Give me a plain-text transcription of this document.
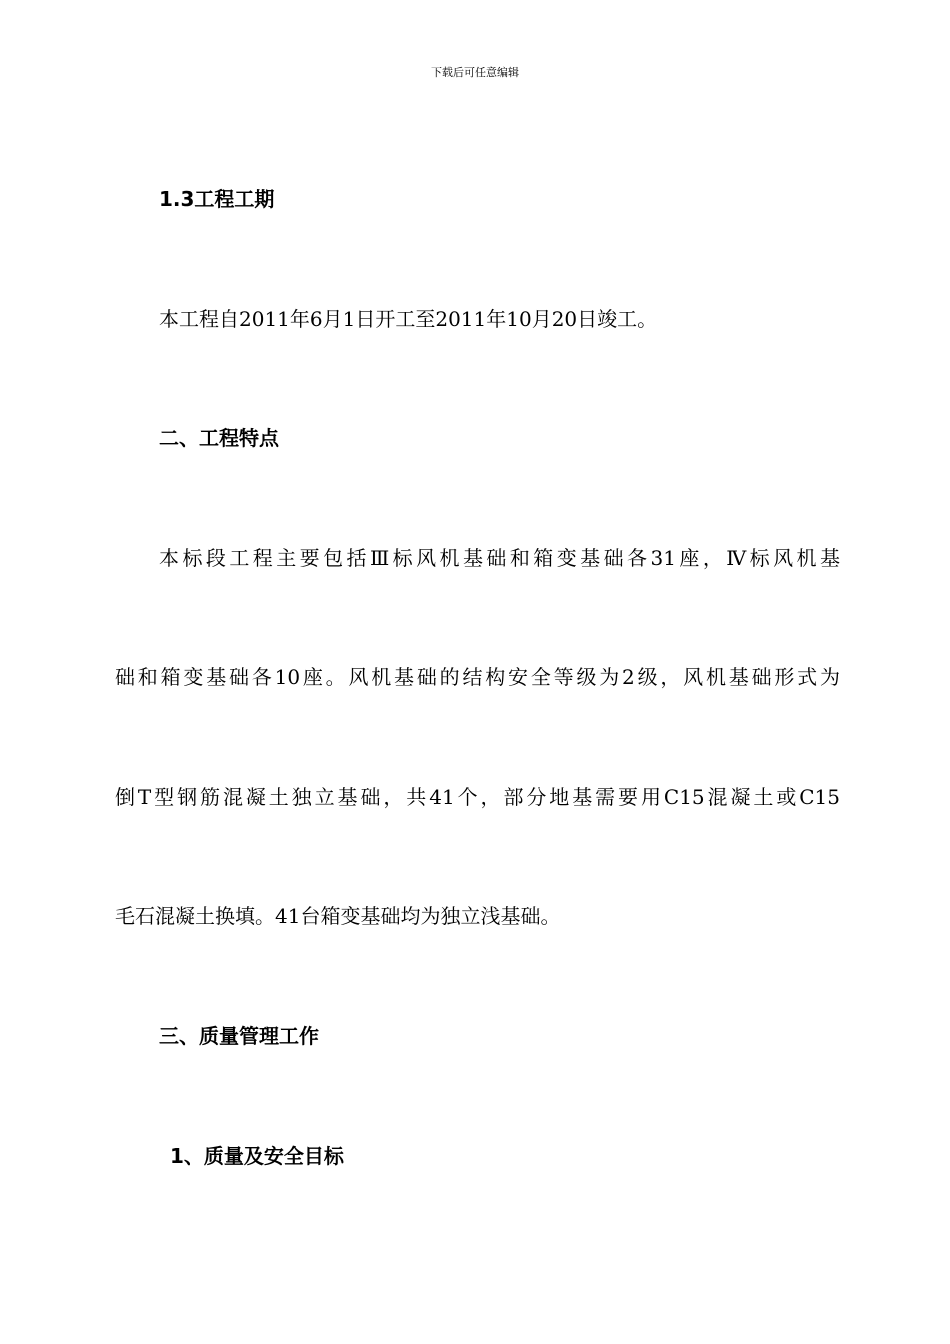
下载后可任意编辑
1.3工程工期
本工程自2011年6月1日开工至2011年10月20日竣工。
二、工程特点
本标段工程主要包括Ⅲ标风机基础和箱变基础各31座，Ⅳ标风机基
础和箱变基础各10座。风机基础的结构安全等级为2级，风机基础形式为
倒T型钢筋混凝土独立基础，共41个，部分地基需要用C15混凝土或C15
毛石混凝土换填。41台箱变基础均为独立浅基础。
三、质量管理工作
1、质量及安全目标
